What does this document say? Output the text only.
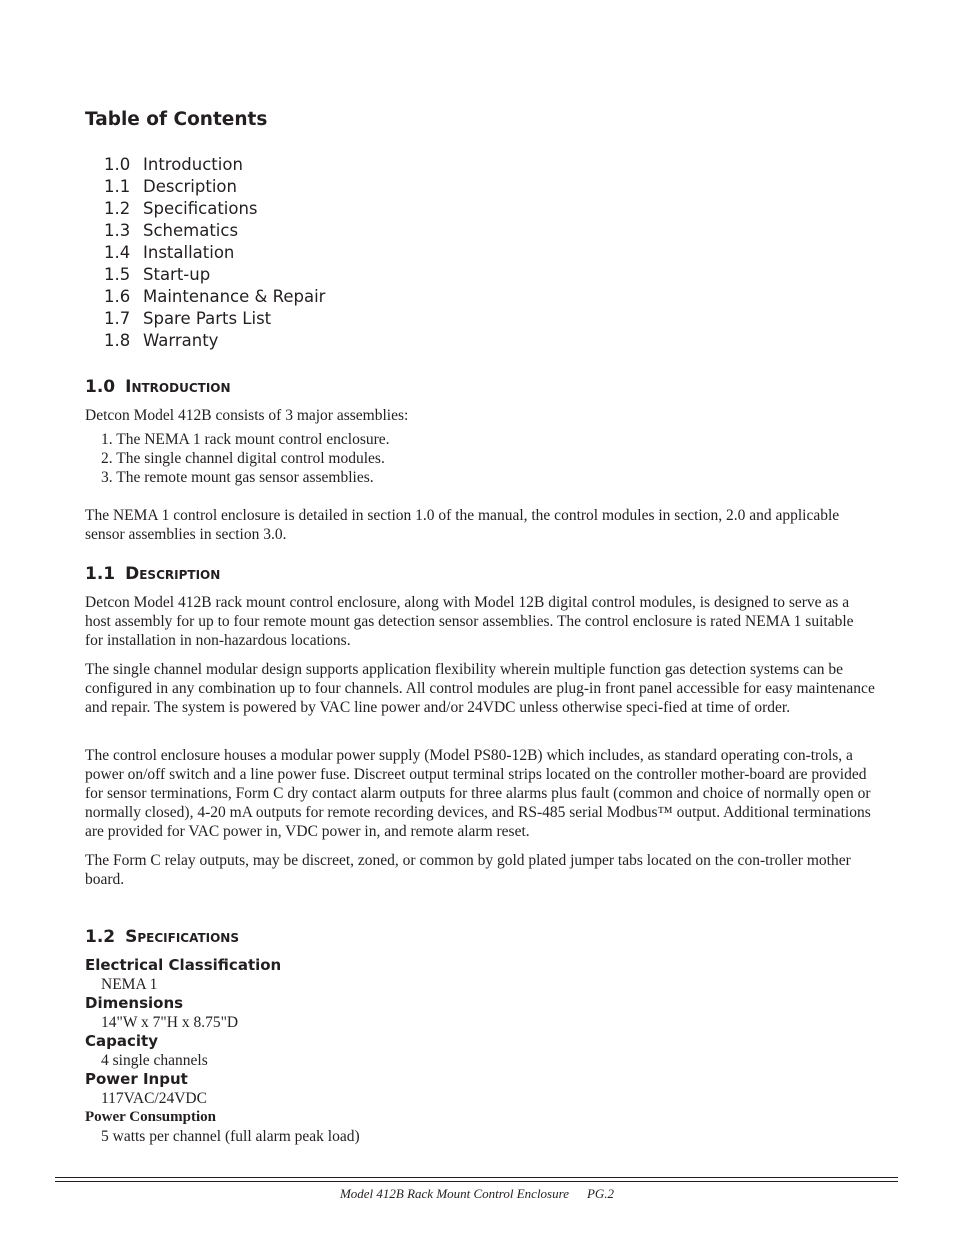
Table of Contents
1.0 Introduction
1.1 Description
1.2 Specifications
1.3 Schematics
1.4 Installation
1.5 Start-up
1.6 Maintenance & Repair
1.7 Spare Parts List
1.8 Warranty
1.0 Introduction

Detcon Model 412B consists of 3 major assemblies:

1. The NEMA 1 rack mount control enclosure.
2. The single channel digital control modules.
3. The remote mount gas sensor assemblies.

The NEMA 1 control enclosure is detailed in section 1.0 of the manual, the control modules in section, 2.0 and applicable sensor assemblies in section 3.0.

1.1 Description

Detcon Model 412B rack mount control enclosure, along with Model 12B digital control modules, is designed to serve as a host assembly for up to four remote mount gas detection sensor assemblies. The control enclosure is rated NEMA 1 suitable for installation in non-hazardous locations.

The single channel modular design supports application flexibility wherein multiple function gas detection systems can be configured in any combination up to four channels. All control modules are plug-in front panel accessible for easy maintenance and repair. The system is powered by VAC line power and/or 24VDC unless otherwise speci-fied at time of order.

The control enclosure houses a modular power supply (Model PS80-12B) which includes, as standard operating con-trols, a power on/off switch and a line power fuse. Discreet output terminal strips located on the controller mother-board are provided for sensor terminations, Form C dry contact alarm outputs for three alarms plus fault (common and choice of normally open or normally closed), 4-20 mA outputs for remote recording devices, and RS-485 serial Modbus™ output. Additional terminations are provided for VAC power in, VDC power in, and remote alarm reset.

The Form C relay outputs, may be discreet, zoned, or common by gold plated jumper tabs located on the con-troller mother board.

1.2 Specifications
Electrical Classification
NEMA 1
Dimensions
14"W x 7"H x 8.75"D
Capacity
4 single channels
Power Input
117VAC/24VDC
Power Consumption
5 watts per channel (full alarm peak load)
Model 412B Rack Mount Control Enclosure PG.2
